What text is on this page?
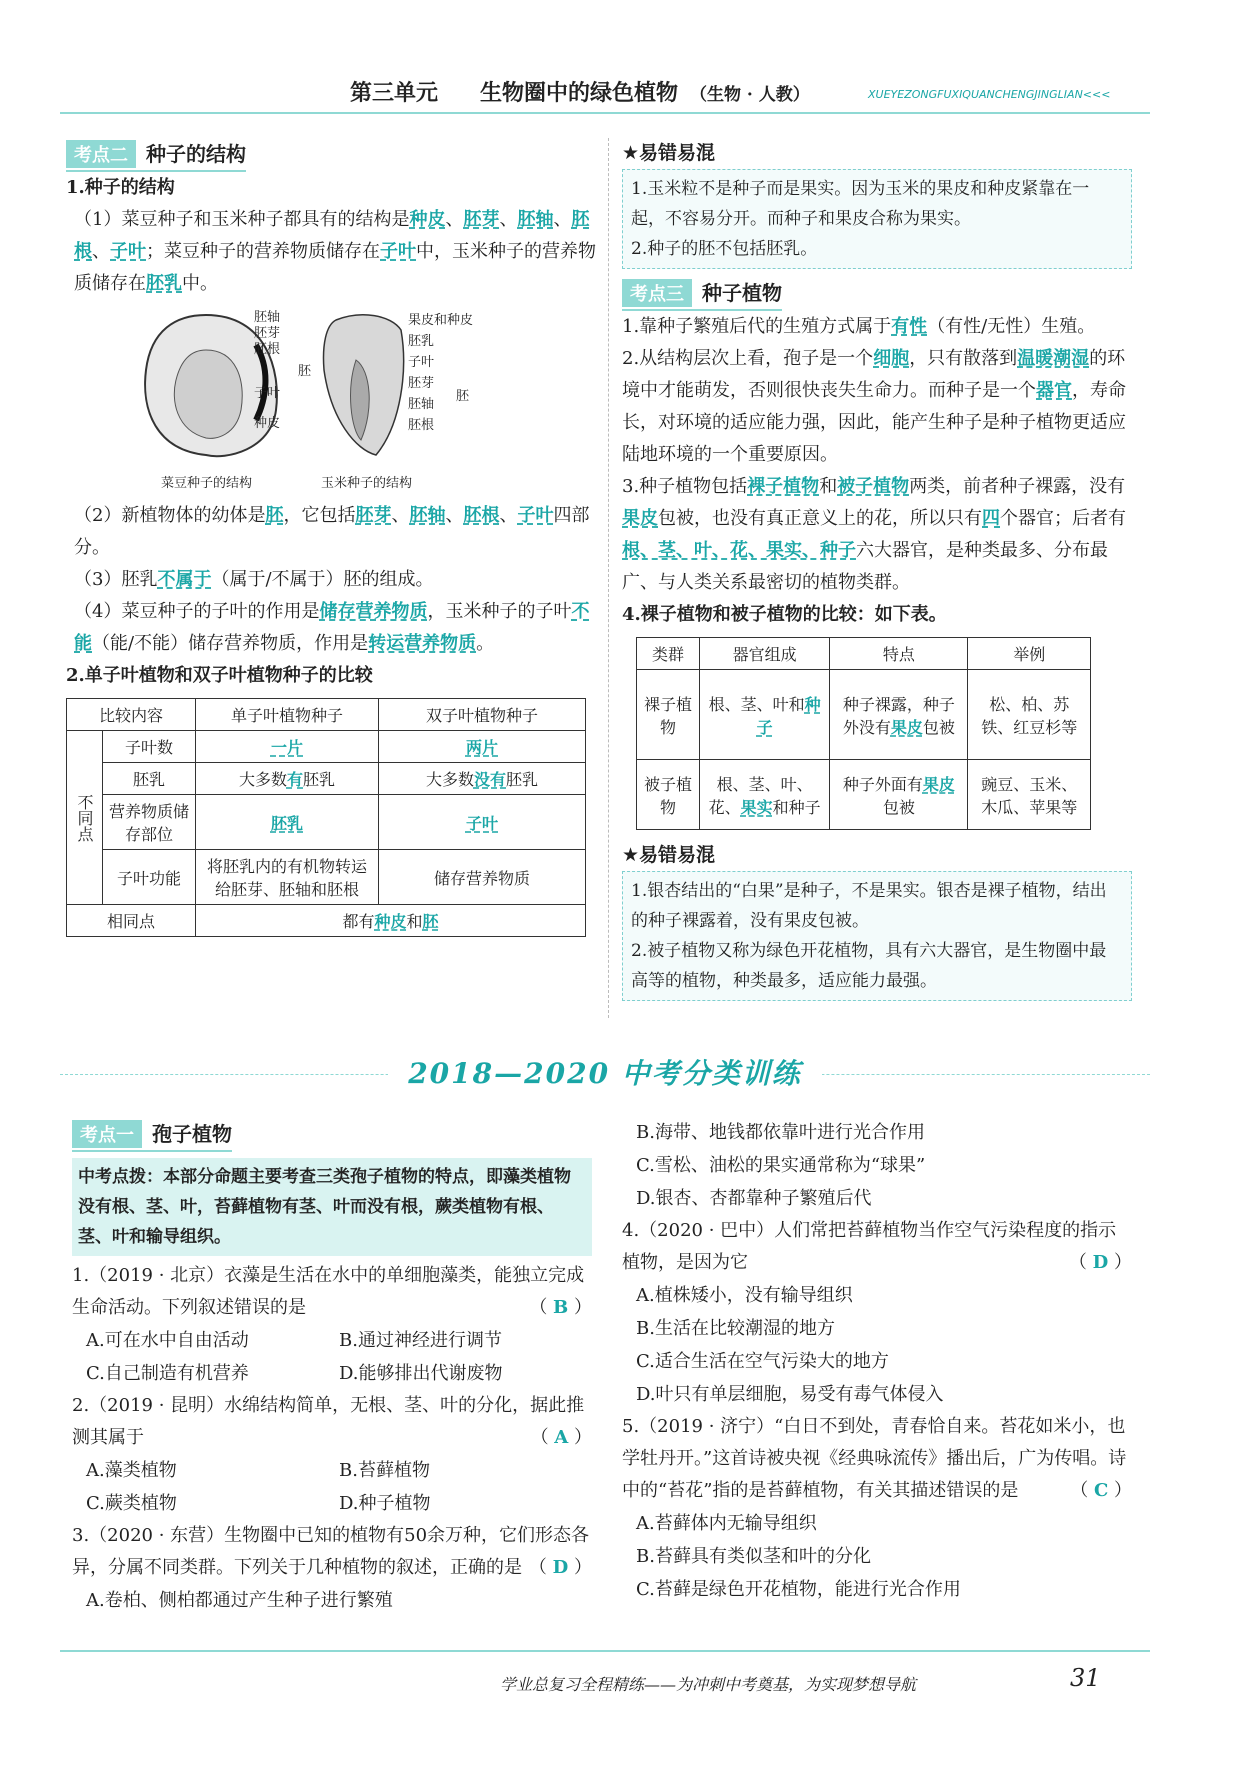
第三单元 生物圈中的绿色植物 （生物 · 人教）	XUEYEZONGFUXIQUANCHENGJINGLIAN<<<
考点二 种子的结构
1.种子的结构

（1）菜豆种子和玉米种子都具有的结构是种皮、胚芽、胚轴、胚根、子叶；菜豆种子的营养物质储存在子叶中，玉米种子的营养物质储存在胚乳中。

胚轴
胚芽
胚根
子叶
种皮
胚
菜豆种子的结构
果皮和种皮
胚乳
子叶
胚芽
胚轴
胚根
胚
玉米种子的结构

（2）新植物体的幼体是胚，它包括胚芽、胚轴、胚根、子叶四部分。

（3）胚乳不属于（属于/不属于）胚的组成。

（4）菜豆种子的子叶的作用是储存营养物质，玉米种子的子叶不能（能/不能）储存营养物质，作用是转运营养物质。

2.单子叶植物和双子叶植物种子的比较
比较内容		单子叶植物种子	双子叶植物种子
不同点	子叶数	一片	两片
	胚乳	大多数有胚乳	大多数没有胚乳
	营养物质储存部位	胚乳	子叶
	子叶功能	将胚乳内的有机物转运给胚芽、胚轴和胚根	储存营养物质
相同点		都有种皮和胚	
★易错易混
1.玉米粒不是种子而是果实。因为玉米的果皮和种皮紧靠在一起，不容易分开。而种子和果皮合称为果实。
2.种子的胚不包括胚乳。
考点三 种子植物

1.靠种子繁殖后代的生殖方式属于有性（有性/无性）生殖。

2.从结构层次上看，孢子是一个细胞，只有散落到温暖潮湿的环境中才能萌发，否则很快丧失生命力。而种子是一个器官，寿命长，对环境的适应能力强，因此，能产生种子是种子植物更适应陆地环境的一个重要原因。

3.种子植物包括裸子植物和被子植物两类，前者种子裸露，没有果皮包被，也没有真正意义上的花，所以只有四个器官；后者有根、茎、叶、花、果实、种子六大器官，是种类最多、分布最广、与人类关系最密切的植物类群。

4.裸子植物和被子植物的比较：如下表。
类群	器官组成	特点	举例
裸子植物	根、茎、叶和种子	种子裸露，种子外没有果皮包被	松、柏、苏铁、红豆杉等
被子植物	根、茎、叶、花、果实和种子	种子外面有果皮包被	豌豆、玉米、木瓜、苹果等
★易错易混
1.银杏结出的“白果”是种子，不是果实。银杏是裸子植物，结出的种子裸露着，没有果皮包被。
2.被子植物又称为绿色开花植物，具有六大器官，是生物圈中最高等的植物，种类最多，适应能力最强。
2018—2020 中考分类训练
考点一 孢子植物
中考点拨：本部分命题主要考查三类孢子植物的特点，即藻类植物没有根、茎、叶，苔藓植物有茎、叶而没有根，蕨类植物有根、茎、叶和输导组织。
1.（2019 · 北京）衣藻是生活在水中的单细胞藻类，能独立完成生命活动。下列叙述错误的是	（ B ）
A.可在水中自由活动	B.通过神经进行调节
C.自己制造有机营养	D.能够排出代谢废物
2.（2019 · 昆明）水绵结构简单，无根、茎、叶的分化，据此推测其属于	（ A ）
A.藻类植物	B.苔藓植物
C.蕨类植物	D.种子植物
3.（2020 · 东营）生物圈中已知的植物有50余万种，它们形态各异，分属不同类群。下列关于几种植物的叙述，正确的是 （ D ）
A.卷柏、侧柏都通过产生种子进行繁殖
B.海带、地钱都依靠叶进行光合作用
C.雪松、油松的果实通常称为“球果”
D.银杏、杏都靠种子繁殖后代
4.（2020 · 巴中）人们常把苔藓植物当作空气污染程度的指示植物，是因为它	（ D ）
A.植株矮小，没有输导组织
B.生活在比较潮湿的地方
C.适合生活在空气污染大的地方
D.叶只有单层细胞，易受有毒气体侵入
5.（2019 · 济宁）“白日不到处，青春恰自来。苔花如米小，也学牡丹开。”这首诗被央视《经典咏流传》播出后，广为传唱。诗中的“苔花”指的是苔藓植物，有关其描述错误的是	（ C ）
A.苔藓体内无输导组织
B.苔藓具有类似茎和叶的分化
C.苔藓是绿色开花植物，能进行光合作用
学业总复习全程精练——为冲刺中考奠基，为实现梦想导航	31
